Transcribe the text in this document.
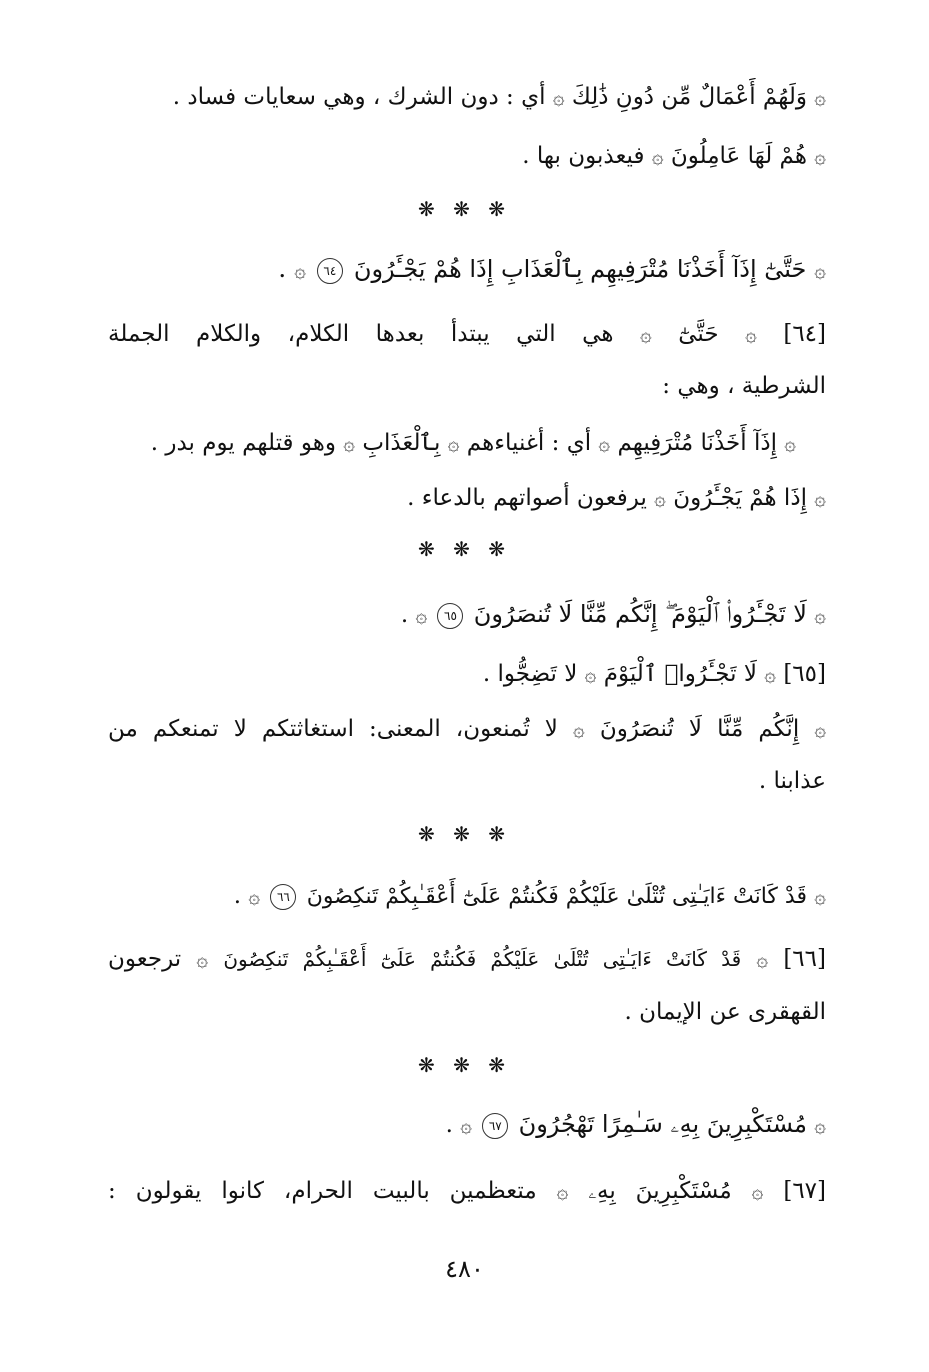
۞ وَلَهُمْ أَعْمَالٌ مِّن دُونِ ذَٰلِكَ ۞ أي : دون الشرك ، وهي سعايات فساد .
۞ هُمْ لَهَا عَامِلُونَ ۞ فيعذبون بها .
❋ ❋ ❋
۞ حَتَّىٰٓ إِذَآ أَخَذْنَا مُتْرَفِيهِم بِٱلْعَذَابِ إِذَا هُمْ يَجْـَٔرُونَ ٦٤ ۞ .
[٦٤] ۞ حَتَّىٰٓ ۞ هي التي يبتدأ بعدها الكلام، والكلام الجملة
الشرطية ، وهي :
۞ إِذَآ أَخَذْنَا مُتْرَفِيهِم ۞ أي : أغنياءهم ۞ بِٱلْعَذَابِ ۞ وهو قتلهم يوم بدر .
۞ إِذَا هُمْ يَجْـَٔرُونَ ۞ يرفعون أصواتهم بالدعاء .
❋ ❋ ❋
۞ لَا تَجْـَٔرُوا۟ ٱلْيَوْمَ ۖ إِنَّكُم مِّنَّا لَا تُنصَرُونَ ٦٥ ۞ .
[٦٥] ۞ لَا تَجْـَٔرُوا۟ ٱلْيَوْمَ ۞ لا تَضِجُّوا .
۞ إِنَّكُم مِّنَّا لَا تُنصَرُونَ ۞ لا تُمنعون، المعنى: استغاثتكم لا تمنعكم من
عذابنا .
❋ ❋ ❋
۞ قَدْ كَانَتْ ءَايَـٰتِى تُتْلَىٰ عَلَيْكُمْ فَكُنتُمْ عَلَىٰٓ أَعْقَـٰبِكُمْ تَنكِصُونَ ٦٦ ۞ .
[٦٦] ۞ قَدْ كَانَتْ ءَايَـٰتِى تُتْلَىٰ عَلَيْكُمْ فَكُنتُمْ عَلَىٰٓ أَعْقَـٰبِكُمْ تَنكِصُونَ ۞ ترجعون
القهقرى عن الإيمان .
❋ ❋ ❋
۞ مُسْتَكْبِرِينَ بِهِۦ سَـٰمِرًا تَهْجُرُونَ ٦٧ ۞ .
[٦٧] ۞ مُسْتَكْبِرِينَ بِهِۦ ۞ متعظمين بالبيت الحرام، كانوا يقولون :
٤٨٠
